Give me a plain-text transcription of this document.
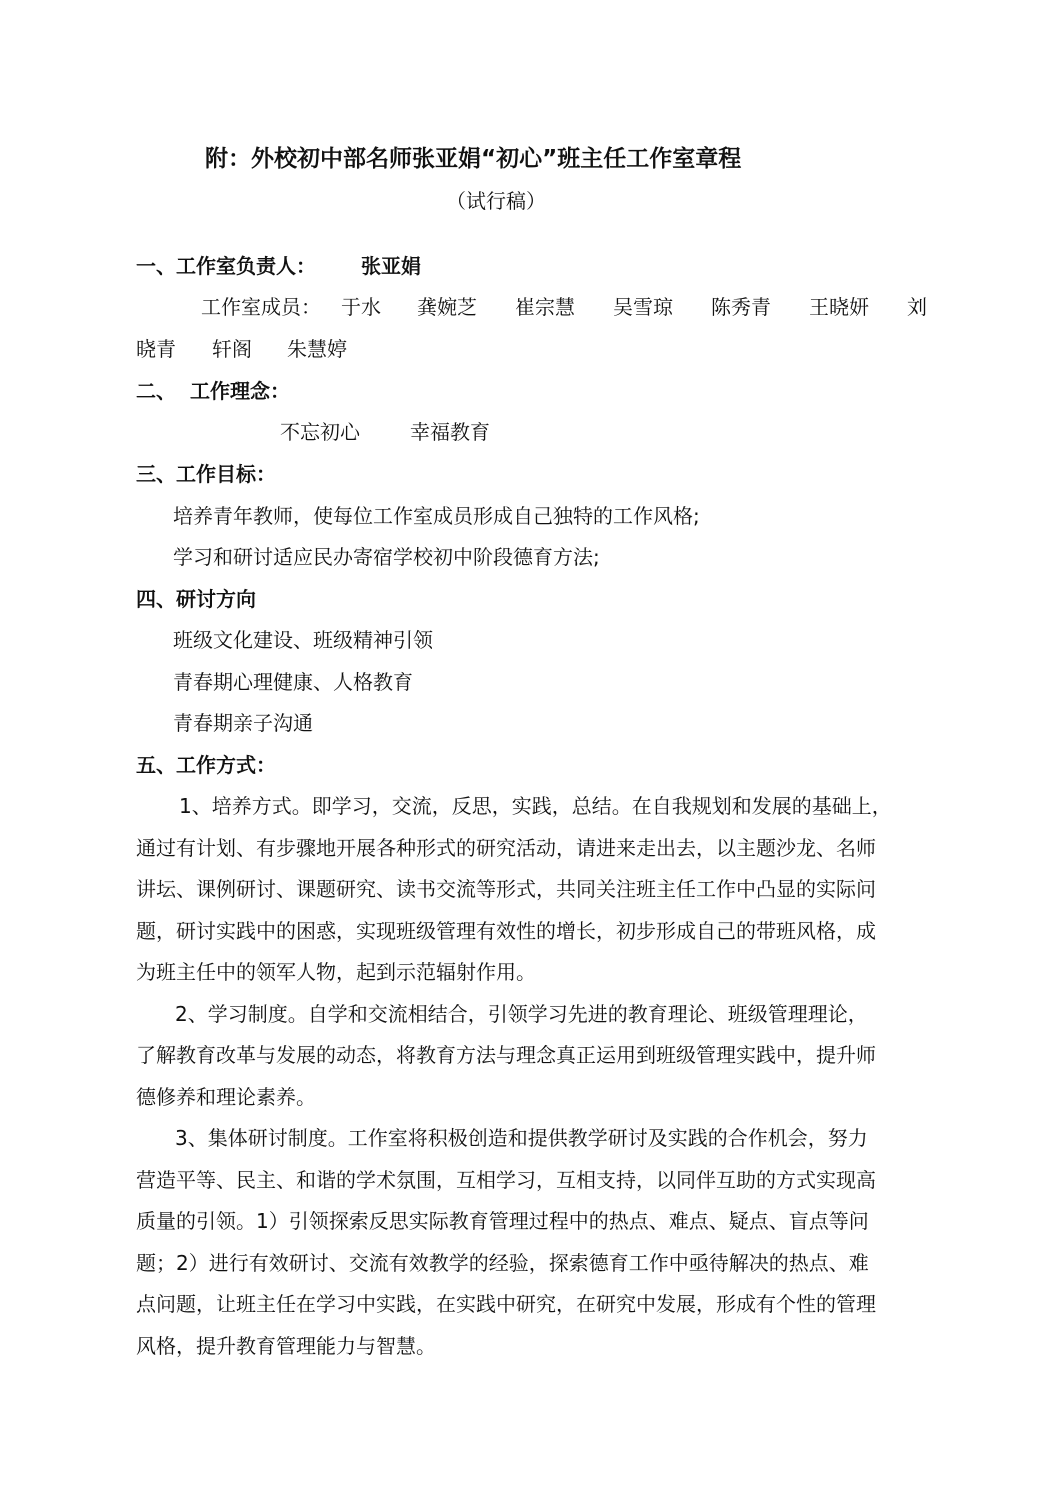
附：外校初中部名师张亚娟“初心”班主任工作室章程
（试行稿）
一、工作室负责人： 张亚娟
工作室成员： 于水 龚婉芝 崔宗慧 吴雪琼 陈秀青 王晓妍 刘
晓青 轩阁 朱慧婷
二、 工作理念：
不忘初心	幸福教育
三、工作目标：
培养青年教师，使每位工作室成员形成自己独特的工作风格;
学习和研讨适应民办寄宿学校初中阶段德育方法;
四、研讨方向
班级文化建设、班级精神引领
青春期心理健康、人格教育
青春期亲子沟通
五、工作方式：
1、培养方式。即学习，交流，反思，实践，总结。在自我规划和发展的基础上，
通过有计划、有步骤地开展各种形式的研究活动，请进来走出去，以主题沙龙、名师
讲坛、课例研讨、课题研究、读书交流等形式，共同关注班主任工作中凸显的实际问
题，研讨实践中的困惑，实现班级管理有效性的增长，初步形成自己的带班风格，成
为班主任中的领军人物，起到示范辐射作用。
2、学习制度。自学和交流相结合，引领学习先进的教育理论、班级管理理论，
了解教育改革与发展的动态，将教育方法与理念真正运用到班级管理实践中，提升师
德修养和理论素养。
3、集体研讨制度。工作室将积极创造和提供教学研讨及实践的合作机会，努力
营造平等、民主、和谐的学术氛围，互相学习，互相支持，以同伴互助的方式实现高
质量的引领。1）引领探索反思实际教育管理过程中的热点、难点、疑点、盲点等问
题；2）进行有效研讨、交流有效教学的经验，探索德育工作中亟待解决的热点、难
点问题，让班主任在学习中实践，在实践中研究，在研究中发展，形成有个性的管理
风格，提升教育管理能力与智慧。
